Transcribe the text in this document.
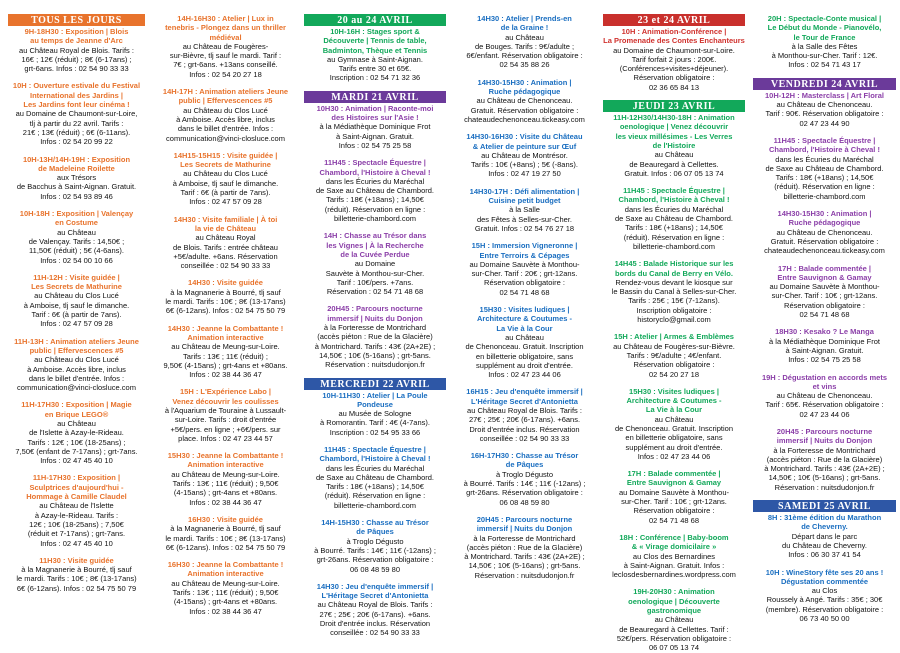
TOUS LES JOURS
9H-18H30 : Exposition | Blois
au temps de Jeanne d'Arc
au Château Royal de Blois. Tarifs :
16€ ; 12€ (réduit) ; 8€ (6-17ans) ;
grt-6ans. Infos : 02 54 90 33 33
10H : Ouverture estivale du Festival
International des Jardins |
Les Jardins font leur cinéma !
au Domaine de Chaumont-sur-Loire,
tlj à partir du 22 avril. Tarifs :
21€ ; 13€ (réduit) ; 6€ (6-11ans).
Infos : 02 54 20 99 22
10H-13H/14H-19H : Exposition
de Madeleine Roilette
aux Trésors
de Bacchus à Saint-Aignan. Gratuit.
Infos : 02 54 93 89 46
10H-18H : Exposition | Valençay
en Costume
au Château
de Valençay. Tarifs : 14,50€ ;
11,50€ (réduit) ; 5€ (4-6ans).
Infos : 02 54 00 10 66
11H-12H : Visite guidée |
Les Secrets de Mathurine
au Château du Clos Lucé
à Amboise, tlj sauf le dimanche.
Tarif : 6€ (à partir de 7ans).
Infos : 02 47 57 09 28
11H-13H : Animation ateliers Jeune
public | Effervescences #5
au Château du Clos Lucé
à Amboise. Accès libre, inclus
dans le billet d'entrée. Infos :
communication@vinci-closluce.com
11H-17H30 : Exposition | Magie
en Brique LEGO®
au Château
de l'Islette à Azay-le-Rideau.
Tarifs : 12€ ; 10€ (18-25ans) ;
7,50€ (enfant de 7-17ans) ; grt-7ans.
Infos : 02 47 45 40 10
11H-17H30 : Exposition |
Sculptrices d'aujourd'hui -
Hommage à Camille Claudel
au Château de l'Islette
à Azay-le-Rideau. Tarifs :
12€ ; 10€ (18-25ans) ; 7,50€
(réduit et 7-17ans) ; grt-7ans.
Infos : 02 47 45 40 10
11H30 : Visite guidée
à la Magnanerie à Bourré, tlj sauf
le mardi. Tarifs : 10€ ; 8€ (13-17ans)
6€ (6-12ans). Infos : 02 54 75 50 79
14H-16H30 : Atelier | Lux in
tenebris - Plongez dans un thriller
médiéval
au Château de Fougères-
sur-Bièvre, tlj sauf le mardi. Tarif :
7€ ; grt-6ans. +13ans conseillé.
Infos : 02 54 20 27 18
14H-17H : Animation ateliers Jeune
public | Effervescences #5
au Château du Clos Lucé
à Amboise. Accès libre, inclus
dans le billet d'entrée. Infos :
communication@vinci-closluce.com
14H15-15H15 : Visite guidée |
Les Secrets de Mathurine
au Château du Clos Lucé
à Amboise, tlj sauf le dimanche.
Tarif : 6€ (à partir de 7ans).
Infos : 02 47 57 09 28
14H30 : Visite familiale | À toi
la vie de Château
au Château Royal
de Blois. Tarifs : entrée château
+5€/adulte. +6ans. Réservation
conseillée : 02 54 90 33 33
14H30 : Visite guidée
à la Magnanerie à Bourré, tlj sauf
le mardi. Tarifs : 10€ ; 8€ (13-17ans)
6€ (6-12ans). Infos : 02 54 75 50 79
14H30 : Jeanne la Combattante !
Animation interactive
au Château de Meung-sur-Loire.
Tarifs : 13€ ; 11€ (réduit) ;
9,50€ (4-15ans) ; grt-4ans et +80ans.
Infos : 02 38 44 36 47
15H : L'Expérience Labo |
Venez découvrir les coulisses
à l'Aquarium de Touraine à Lussault-
sur-Loire. Tarifs : droit d'entrée
+5€/pers. en ligne ; +6€/pers. sur
place. Infos : 02 47 23 44 57
15H30 : Jeanne la Combattante !
Animation interactive
au Château de Meung-sur-Loire.
Tarifs : 13€ ; 11€ (réduit) ; 9,50€
(4-15ans) ; grt-4ans et +80ans.
Infos : 02 38 44 36 47
16H30 : Visite guidée
à la Magnanerie à Bourré, tlj sauf
le mardi. Tarifs : 10€ ; 8€ (13-17ans)
6€ (6-12ans). Infos : 02 54 75 50 79
16H30 : Jeanne la Combattante !
Animation interactive
au Château de Meung-sur-Loire.
Tarifs : 13€ ; 11€ (réduit) ; 9,50€
(4-15ans) ; grt-4ans et +80ans.
Infos : 02 38 44 36 47
20 au 24 AVRIL
10H-16H : Stages sport &
Découverte | Tennis de table,
Badminton, Thèque et Tennis
au Gymnase à Saint-Aignan.
Tarifs entre 30 et 65€.
Inscription : 02 54 71 32 36
MARDI 21 AVRIL
10H30 : Animation | Raconte-moi
des Histoires sur l'Asie !
à la Médiathèque Dominique Frot
à Saint-Aignan. Gratuit.
Infos : 02 54 75 25 58
11H45 : Spectacle Équestre |
Chambord, l'Histoire à Cheval !
dans les Écuries du Maréchal
de Saxe au Château de Chambord.
Tarifs : 18€ (+18ans) ; 14,50€
(réduit). Réservation en ligne :
billetterie-chambord.com
14H : Chasse au Trésor dans
les Vignes | À la Recherche
de la Cuvée Perdue
au Domaine
Sauvète à Monthou-sur-Cher.
Tarif : 10€/pers. +7ans.
Réservation : 02 54 71 48 68
20H45 : Parcours nocturne
immersif | Nuits du Donjon
à la Forteresse de Montrichard
(accès piéton : Rue de la Glacière)
à Montrichard. Tarifs : 43€ (2A+2E) ;
14,50€ ; 10€ (5-16ans) ; grt-5ans.
Réservation : nuitsdudonjon.fr
MERCREDI 22 AVRIL
10H-11H30 : Atelier | La Poule
Pondeuse
au Musée de Sologne
à Romorantin. Tarif : 4€ (4-7ans).
Inscription : 02 54 95 33 66
11H45 : Spectacle Équestre |
Chambord, l'Histoire à Cheval !
dans les Écuries du Maréchal
de Saxe au Château de Chambord.
Tarifs : 18€ (+18ans) ; 14,50€
(réduit). Réservation en ligne :
billetterie-chambord.com
14H-15H30 : Chasse au Trésor
de Pâques
à Troglo Dégusto
à Bourré. Tarifs : 14€ ; 11€ (-12ans) ;
grt-26ans. Réservation obligatoire :
06 08 48 59 80
14H30 : Jeu d'enquête immersif |
L'Héritage Secret d'Antonietta
au Château Royal de Blois. Tarifs :
27€ ; 25€ ; 20€ (6-17ans). +6ans.
Droit d'entrée inclus. Réservation
conseillée : 02 54 90 33 33
14H30 : Atelier | Prends-en
de la Graine !
au Château
de Bouges. Tarifs : 9€/adulte ;
6€/enfant. Réservation obligatoire :
02 54 35 88 26
14H30-15H30 : Animation |
Ruche pédagogique
au Château de Chenonceau.
Gratuit. Réservation obligatoire :
chateaudechenonceau.tickeasy.com
14H30-16H30 : Visite du Château
& Atelier de peinture sur Œuf
au Château de Montrésor.
Tarifs : 10€ (+8ans) ; 5€ (-8ans).
Infos : 02 47 19 27 50
14H30-17H : Défi alimentation |
Cuisine petit budget
à la Salle
des Fêtes à Selles-sur-Cher.
Gratuit. Infos : 02 54 76 27 18
15H : Immersion Vigneronne |
Entre Terroirs & Cépages
au Domaine Sauvète à Monthou-
sur-Cher. Tarif : 20€ ; grt-12ans.
Réservation obligatoire :
02 54 71 48 68
15H30 : Visites ludiques |
Architecture & Coutumes -
La Vie à la Cour
au Château
de Chenonceau. Gratuit. Inscription
en billetterie obligatoire, sans
supplément au droit d'entrée.
Infos : 02 47 23 44 06
16H15 : Jeu d'enquête immersif |
L'Héritage Secret d'Antonietta
au Château Royal de Blois. Tarifs :
27€ ; 25€ ; 20€ (6-17ans). +6ans.
Droit d'entrée inclus. Réservation
conseillée : 02 54 90 33 33
16H-17H30 : Chasse au Trésor
de Pâques
à Troglo Dégusto
à Bourré. Tarifs : 14€ ; 11€ (-12ans) ;
grt-26ans. Réservation obligatoire :
06 08 48 59 80
20H45 : Parcours nocturne
immersif | Nuits du Donjon
à la Forteresse de Montrichard
(accès piéton : Rue de la Glacière)
à Montrichard. Tarifs : 43€ (2A+2E) ;
14,50€ ; 10€ (5-16ans) ; grt-5ans.
Réservation : nuitsdudonjon.fr
23 et 24 AVRIL
10H : Animation-Conférence |
La Promenade des Contes Enchanteurs
au Domaine de Chaumont-sur-Loire.
Tarif forfait 2 jours : 200€.
(Conférences+visites+déjeuner).
Réservation obligatoire :
02 36 65 84 13
JEUDI 23 AVRIL
11H-12H30/14H30-18H : Animation
oenologique | Venez découvrir
les vieux millésimes - Les Verres
de l'Histoire
au Château
de Beauregard à Cellettes.
Gratuit. Infos : 06 07 05 13 74
11H45 : Spectacle Équestre |
Chambord, l'Histoire à Cheval !
dans les Écuries du Maréchal
de Saxe au Château de Chambord.
Tarifs : 18€ (+18ans) ; 14,50€
(réduit). Réservation en ligne :
billetterie-chambord.com
14H45 : Balade Historique sur les
bords du Canal de Berry en Vélo.
Rendez-vous devant le kiosque sur
le Bassin du Canal à Selles-sur-Cher.
Tarifs : 25€ ; 15€ (7-12ans).
Inscription obligatoire :
historyclo@gmail.com
15H : Atelier | Armes & Emblèmes
au Château de Fougères-sur-Bièvre.
Tarifs : 9€/adulte ; 4€/enfant.
Réservation obligatoire :
02 54 20 27 18
15H30 : Visites ludiques |
Architecture & Coutumes -
La Vie à la Cour
au Château
de Chenonceau. Gratuit. Inscription
en billetterie obligatoire, sans
supplément au droit d'entrée.
Infos : 02 47 23 44 06
17H : Balade commentée |
Entre Sauvignon & Gamay
au Domaine Sauvète à Monthou-
sur-Cher. Tarif : 10€ ; grt-12ans.
Réservation obligatoire :
02 54 71 48 68
18H : Conférence | Baby-boom
& « Virage domicilaire »
au Clos des Bernardines
à Saint-Aignan. Gratuit. Infos :
leclosdesbernardines.wordpress.com
19H-20H30 : Animation
oenologique | Découverte
gastronomique
au Château
de Beauregard à Cellettes. Tarif :
52€/pers. Réservation obligatoire :
06 07 05 13 74
20H : Spectacle-Conte musical |
Le Début du Monde - Pianovélo,
le Tour de France
à la Salle des Fêtes
à Monthou-sur-Cher. Tarif : 12€.
Infos : 02 54 71 43 17
VENDREDI 24 AVRIL
10H-12H : Masterclass | Art Floral
au Château de Chenonceau.
Tarif : 90€. Réservation obligatoire :
02 47 23 44 90
11H45 : Spectacle Équestre |
Chambord, l'Histoire à Cheval !
dans les Écuries du Maréchal
de Saxe au Château de Chambord.
Tarifs : 18€ (+18ans) ; 14,50€
(réduit). Réservation en ligne :
billetterie-chambord.com
14H30-15H30 : Animation |
Ruche pédagogique
au Château de Chenonceau.
Gratuit. Réservation obligatoire :
chateaudechenonceau.tickeasy.com
17H : Balade commentée |
Entre Sauvignon & Gamay
au Domaine Sauvète à Monthou-
sur-Cher. Tarif : 10€ ; grt-12ans.
Réservation obligatoire :
02 54 71 48 68
18H30 : Kesako ? Le Manga
à la Médiathèque Dominique Frot
à Saint-Aignan. Gratuit.
Infos : 02 54 75 25 58
19H : Dégustation en accords mets
et vins
au Château de Chenonceau.
Tarif : 65€. Réservation obligatoire :
02 47 23 44 06
20H45 : Parcours nocturne
immersif | Nuits du Donjon
à la Forteresse de Montrichard
(accès piéton : Rue de la Glacière)
à Montrichard. Tarifs : 43€ (2A+2E) ;
14,50€ ; 10€ (5-16ans) ; grt-5ans.
Réservation : nuitsdudonjon.fr
SAMEDI 25 AVRIL
8H : 31ème édition du Marathon
de Cheverny.
Départ dans le parc
du Château de Cheverny.
Infos : 06 30 37 41 54
10H : WineStory fête ses 20 ans !
Dégustation commentée
au Clos
Roussely à Angé. Tarifs : 35€ ; 30€
(membre). Réservation obligatoire :
06 73 40 50 00
